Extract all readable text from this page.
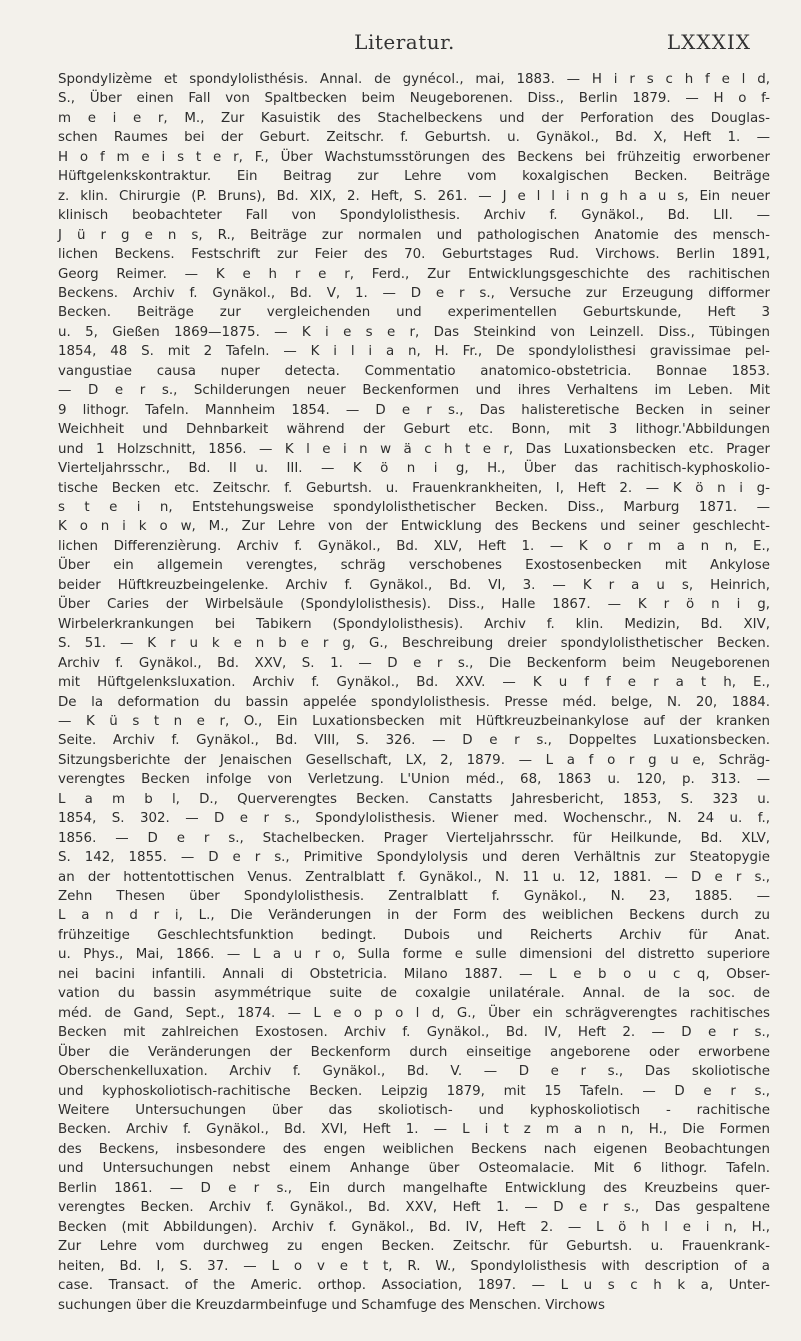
Literatur.	LXXXIX
Spondylizème et spondylolisthésis. Annal. de gynécol., mai, 1883. — H i r s c h f e l d,
S., Über einen Fall von Spaltbecken beim Neugeborenen. Diss., Berlin 1879. — H o f-
m e i e r, M., Zur Kasuistik des Stachelbeckens und der Perforation des Douglas-
schen Raumes bei der Geburt. Zeitschr. f. Geburtsh. u. Gynäkol., Bd. X, Heft 1. —
H o f m e i s t e r, F., Über Wachstumsstörungen des Beckens bei frühzeitig erworbener
Hüftgelenkskontraktur. Ein Beitrag zur Lehre vom koxalgischen Becken. Beiträge
z. klin. Chirurgie (P. Bruns), Bd. XIX, 2. Heft, S. 261. — J e l l i n g h a u s, Ein neuer
klinisch beobachteter Fall von Spondylolisthesis. Archiv f. Gynäkol., Bd. LII. —
J ü r g e n s, R., Beiträge zur normalen und pathologischen Anatomie des mensch-
lichen Beckens. Festschrift zur Feier des 70. Geburtstages Rud. Virchows. Berlin 1891,
Georg Reimer. — K e h r e r, Ferd., Zur Entwicklungsgeschichte des rachitischen
Beckens. Archiv f. Gynäkol., Bd. V, 1. — D e r s., Versuche zur Erzeugung difformer
Becken. Beiträge zur vergleichenden und experimentellen Geburtskunde, Heft 3
u. 5, Gießen 1869—1875. — K i e s e r, Das Steinkind von Leinzell. Diss., Tübingen
1854, 48 S. mit 2 Tafeln. — K i l i a n, H. Fr., De spondylolisthesi gravissimae pel-
vangustiae causa nuper detecta. Commentatio anatomico-obstetricia. Bonnae 1853.
— D e r s., Schilderungen neuer Beckenformen und ihres Verhaltens im Leben. Mit
9 lithogr. Tafeln. Mannheim 1854. — D e r s., Das halisteretische Becken in seiner
Weichheit und Dehnbarkeit während der Geburt etc. Bonn, mit 3 lithogr.'Abbildungen
und 1 Holzschnitt, 1856. — K l e i n w ä c h t e r, Das Luxationsbecken etc. Prager
Vierteljahrsschr., Bd. II u. III. — K ö n i g, H., Über das rachitisch-kyphoskolio-
tische Becken etc. Zeitschr. f. Geburtsh. u. Frauenkrankheiten, I, Heft 2. — K ö n i g-
s t e i n, Entstehungsweise spondylolisthetischer Becken. Diss., Marburg 1871. —
K o n i k o w, M., Zur Lehre von der Entwicklung des Beckens und seiner geschlecht-
lichen Differenzièrung. Archiv f. Gynäkol., Bd. XLV, Heft 1. — K o r m a n n, E.,
Über ein allgemein verengtes, schräg verschobenes Exostosenbecken mit Ankylose
beider Hüftkreuzbeingelenke. Archiv f. Gynäkol., Bd. VI, 3. — K r a u s, Heinrich,
Über Caries der Wirbelsäule (Spondylolisthesis). Diss., Halle 1867. — K r ö n i g,
Wirbelerkrankungen bei Tabikern (Spondylolisthesis). Archiv f. klin. Medizin, Bd. XIV,
S. 51. — K r u k e n b e r g, G., Beschreibung dreier spondylolisthetischer Becken.
Archiv f. Gynäkol., Bd. XXV, S. 1. — D e r s., Die Beckenform beim Neugeborenen
mit Hüftgelenksluxation. Archiv f. Gynäkol., Bd. XXV. — K u f f e r a t h, E.,
De la deformation du bassin appelée spondylolisthesis. Presse méd. belge, N. 20, 1884.
— K ü s t n e r, O., Ein Luxationsbecken mit Hüftkreuzbeinankylose auf der kranken
Seite. Archiv f. Gynäkol., Bd. VIII, S. 326. — D e r s., Doppeltes Luxationsbecken.
Sitzungsberichte der Jenaischen Gesellschaft, LX, 2, 1879. — L a f o r g u e, Schräg-
verengtes Becken infolge von Verletzung. L'Union méd., 68, 1863 u. 120, p. 313. —
L a m b l, D., Querverengtes Becken. Canstatts Jahresbericht, 1853, S. 323 u.
1854, S. 302. — D e r s., Spondylolisthesis. Wiener med. Wochenschr., N. 24 u. f.,
1856. — D e r s., Stachelbecken. Prager Vierteljahrsschr. für Heilkunde, Bd. XLV,
S. 142, 1855. — D e r s., Primitive Spondylolysis und deren Verhältnis zur Steatopygie
an der hottentottischen Venus. Zentralblatt f. Gynäkol., N. 11 u. 12, 1881. — D e r s.,
Zehn Thesen über Spondylolisthesis. Zentralblatt f. Gynäkol., N. 23, 1885. —
L a n d r i, L., Die Veränderungen in der Form des weiblichen Beckens durch zu
frühzeitige Geschlechtsfunktion bedingt. Dubois und Reicherts Archiv für Anat.
u. Phys., Mai, 1866. — L a u r o, Sulla forme e sulle dimensioni del distretto superiore
nei bacini infantili. Annali di Obstetricia. Milano 1887. — L e b o u c q, Obser-
vation du bassin asymmétrique suite de coxalgie unilatérale. Annal. de la soc. de
méd. de Gand, Sept., 1874. — L e o p o l d, G., Über ein schrägverengtes rachitisches
Becken mit zahlreichen Exostosen. Archiv f. Gynäkol., Bd. IV, Heft 2. — D e r s.,
Über die Veränderungen der Beckenform durch einseitige angeborene oder erworbene
Oberschenkelluxation. Archiv f. Gynäkol., Bd. V. — D e r s., Das skoliotische
und kyphoskoliotisch-rachitische Becken. Leipzig 1879, mit 15 Tafeln. — D e r s.,
Weitere Untersuchungen über das skoliotisch- und kyphoskoliotisch - rachitische
Becken. Archiv f. Gynäkol., Bd. XVI, Heft 1. — L i t z m a n n, H., Die Formen
des Beckens, insbesondere des engen weiblichen Beckens nach eigenen Beobachtungen
und Untersuchungen nebst einem Anhange über Osteomalacie. Mit 6 lithogr. Tafeln.
Berlin 1861. — D e r s., Ein durch mangelhafte Entwicklung des Kreuzbeins quer-
verengtes Becken. Archiv f. Gynäkol., Bd. XXV, Heft 1. — D e r s., Das gespaltene
Becken (mit Abbildungen). Archiv f. Gynäkol., Bd. IV, Heft 2. — L ö h l e i n, H.,
Zur Lehre vom durchweg zu engen Becken. Zeitschr. für Geburtsh. u. Frauenkrank-
heiten, Bd. I, S. 37. — L o v e t t, R. W., Spondylolisthesis with description of a
case. Transact. of the Americ. orthop. Association, 1897. — L u s c h k a, Unter-
suchungen über die Kreuzdarmbeinfuge und Schamfuge des Menschen. Virchows
